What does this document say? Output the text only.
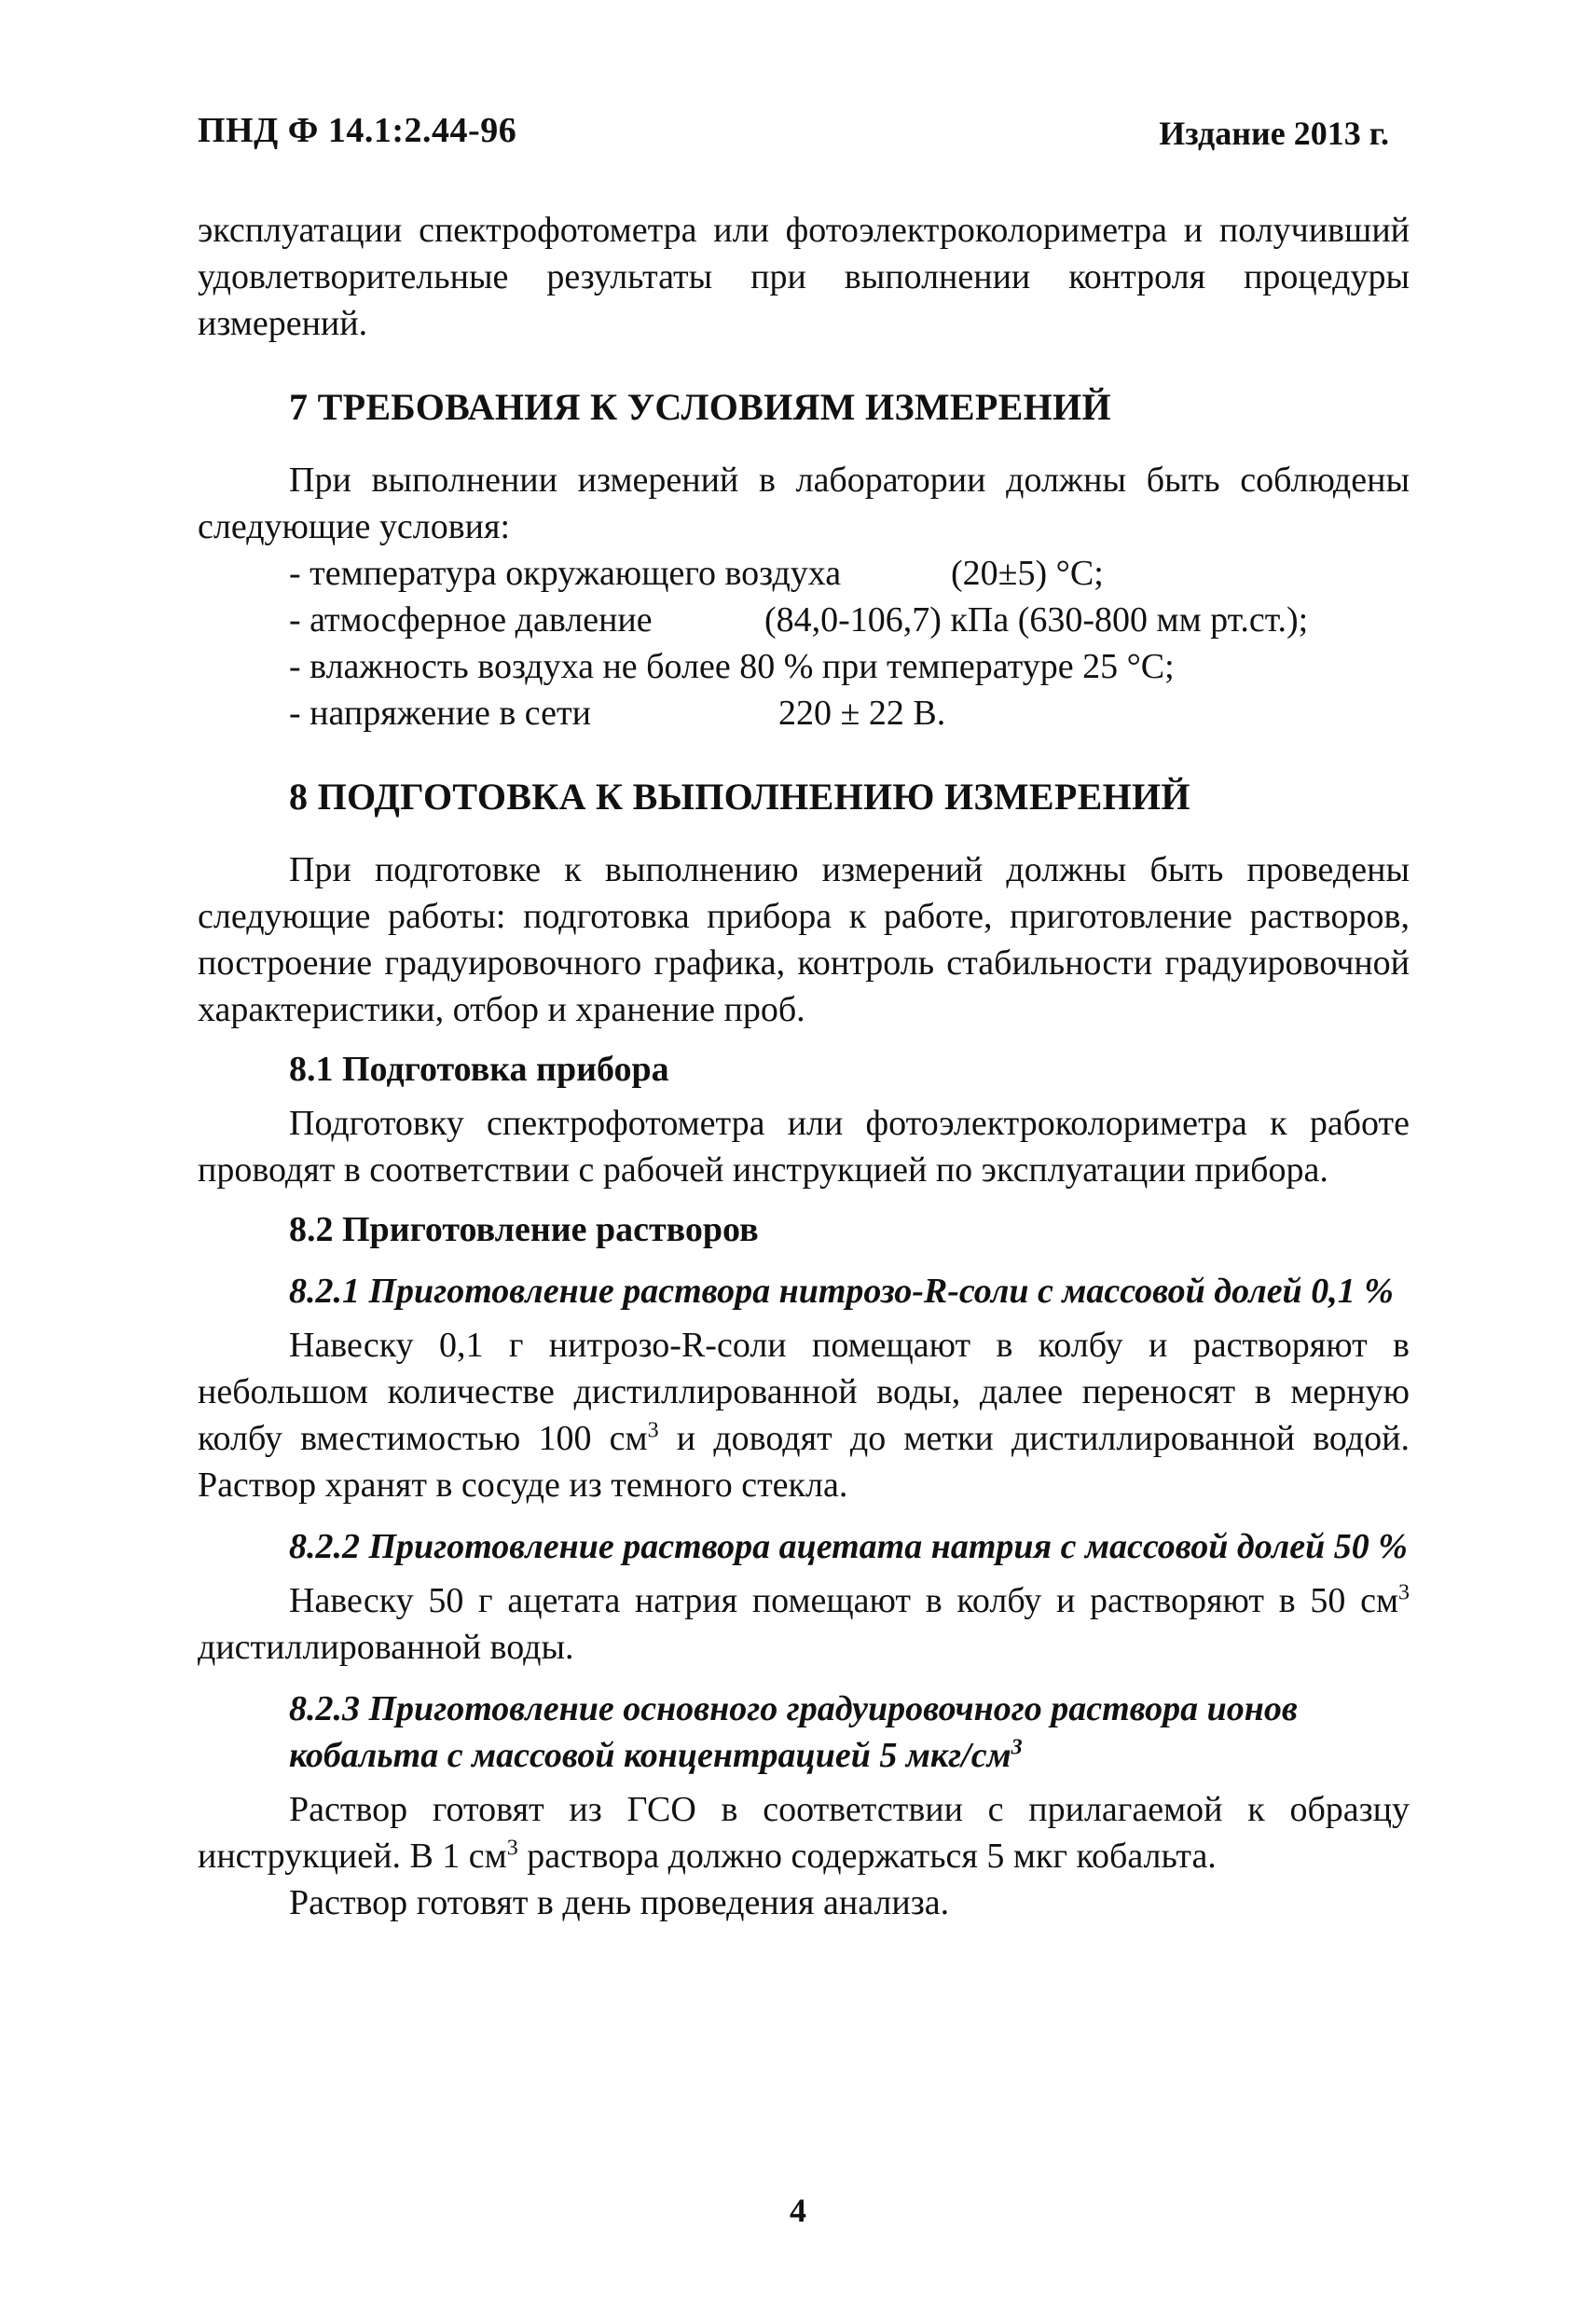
ПНД Ф 14.1:2.44-96	Издание 2013 г.

эксплуатации спектрофотометра или фотоэлектроколориметра и получивший удовлетворительные результаты при выполнении контроля процедуры измерений.

7 ТРЕБОВАНИЯ К УСЛОВИЯМ ИЗМЕРЕНИЙ

При выполнении измерений в лаборатории должны быть соблюдены следующие условия:

- температура окружающего воздуха	(20±5) °С;
- атмосферное давление	(84,0-106,7) кПа (630-800 мм рт.ст.);
- влажность воздуха не более 80 % при температуре 25 °С;
- напряжение в сети	220 ± 22 В.
8 ПОДГОТОВКА К ВЫПОЛНЕНИЮ ИЗМЕРЕНИЙ

При подготовке к выполнению измерений должны быть проведены следующие работы: подготовка прибора к работе, приготовление растворов, построение градуировочного графика, контроль стабильности градуировочной характеристики, отбор и хранение проб.

8.1 Подготовка прибора

Подготовку спектрофотометра или фотоэлектроколориметра к работе проводят в соответствии с рабочей инструкцией по эксплуатации прибора.

8.2 Приготовление растворов
8.2.1 Приготовление раствора нитрозо-R-соли с массовой долей 0,1 %

Навеску 0,1 г нитрозо-R-соли помещают в колбу и растворяют в небольшом количестве дистиллированной воды, далее переносят в мерную колбу вместимостью 100 $см^3$ и доводят до метки дистиллированной водой. Раствор хранят в сосуде из темного стекла.

8.2.2 Приготовление раствора ацетата натрия с массовой долей 50 %

Навеску 50 г ацетата натрия помещают в колбу и растворяют в 50 $см^3$ дистиллированной воды.

8.2.3 Приготовление основного градуировочного раствора ионов кобальта с массовой концентрацией 5 мкг/$см^3$

Раствор готовят из ГСО в соответствии с прилагаемой к образцу инструкцией. В 1 $см^3$ раствора должно содержаться 5 мкг кобальта.

Раствор готовят в день проведения анализа.

4
